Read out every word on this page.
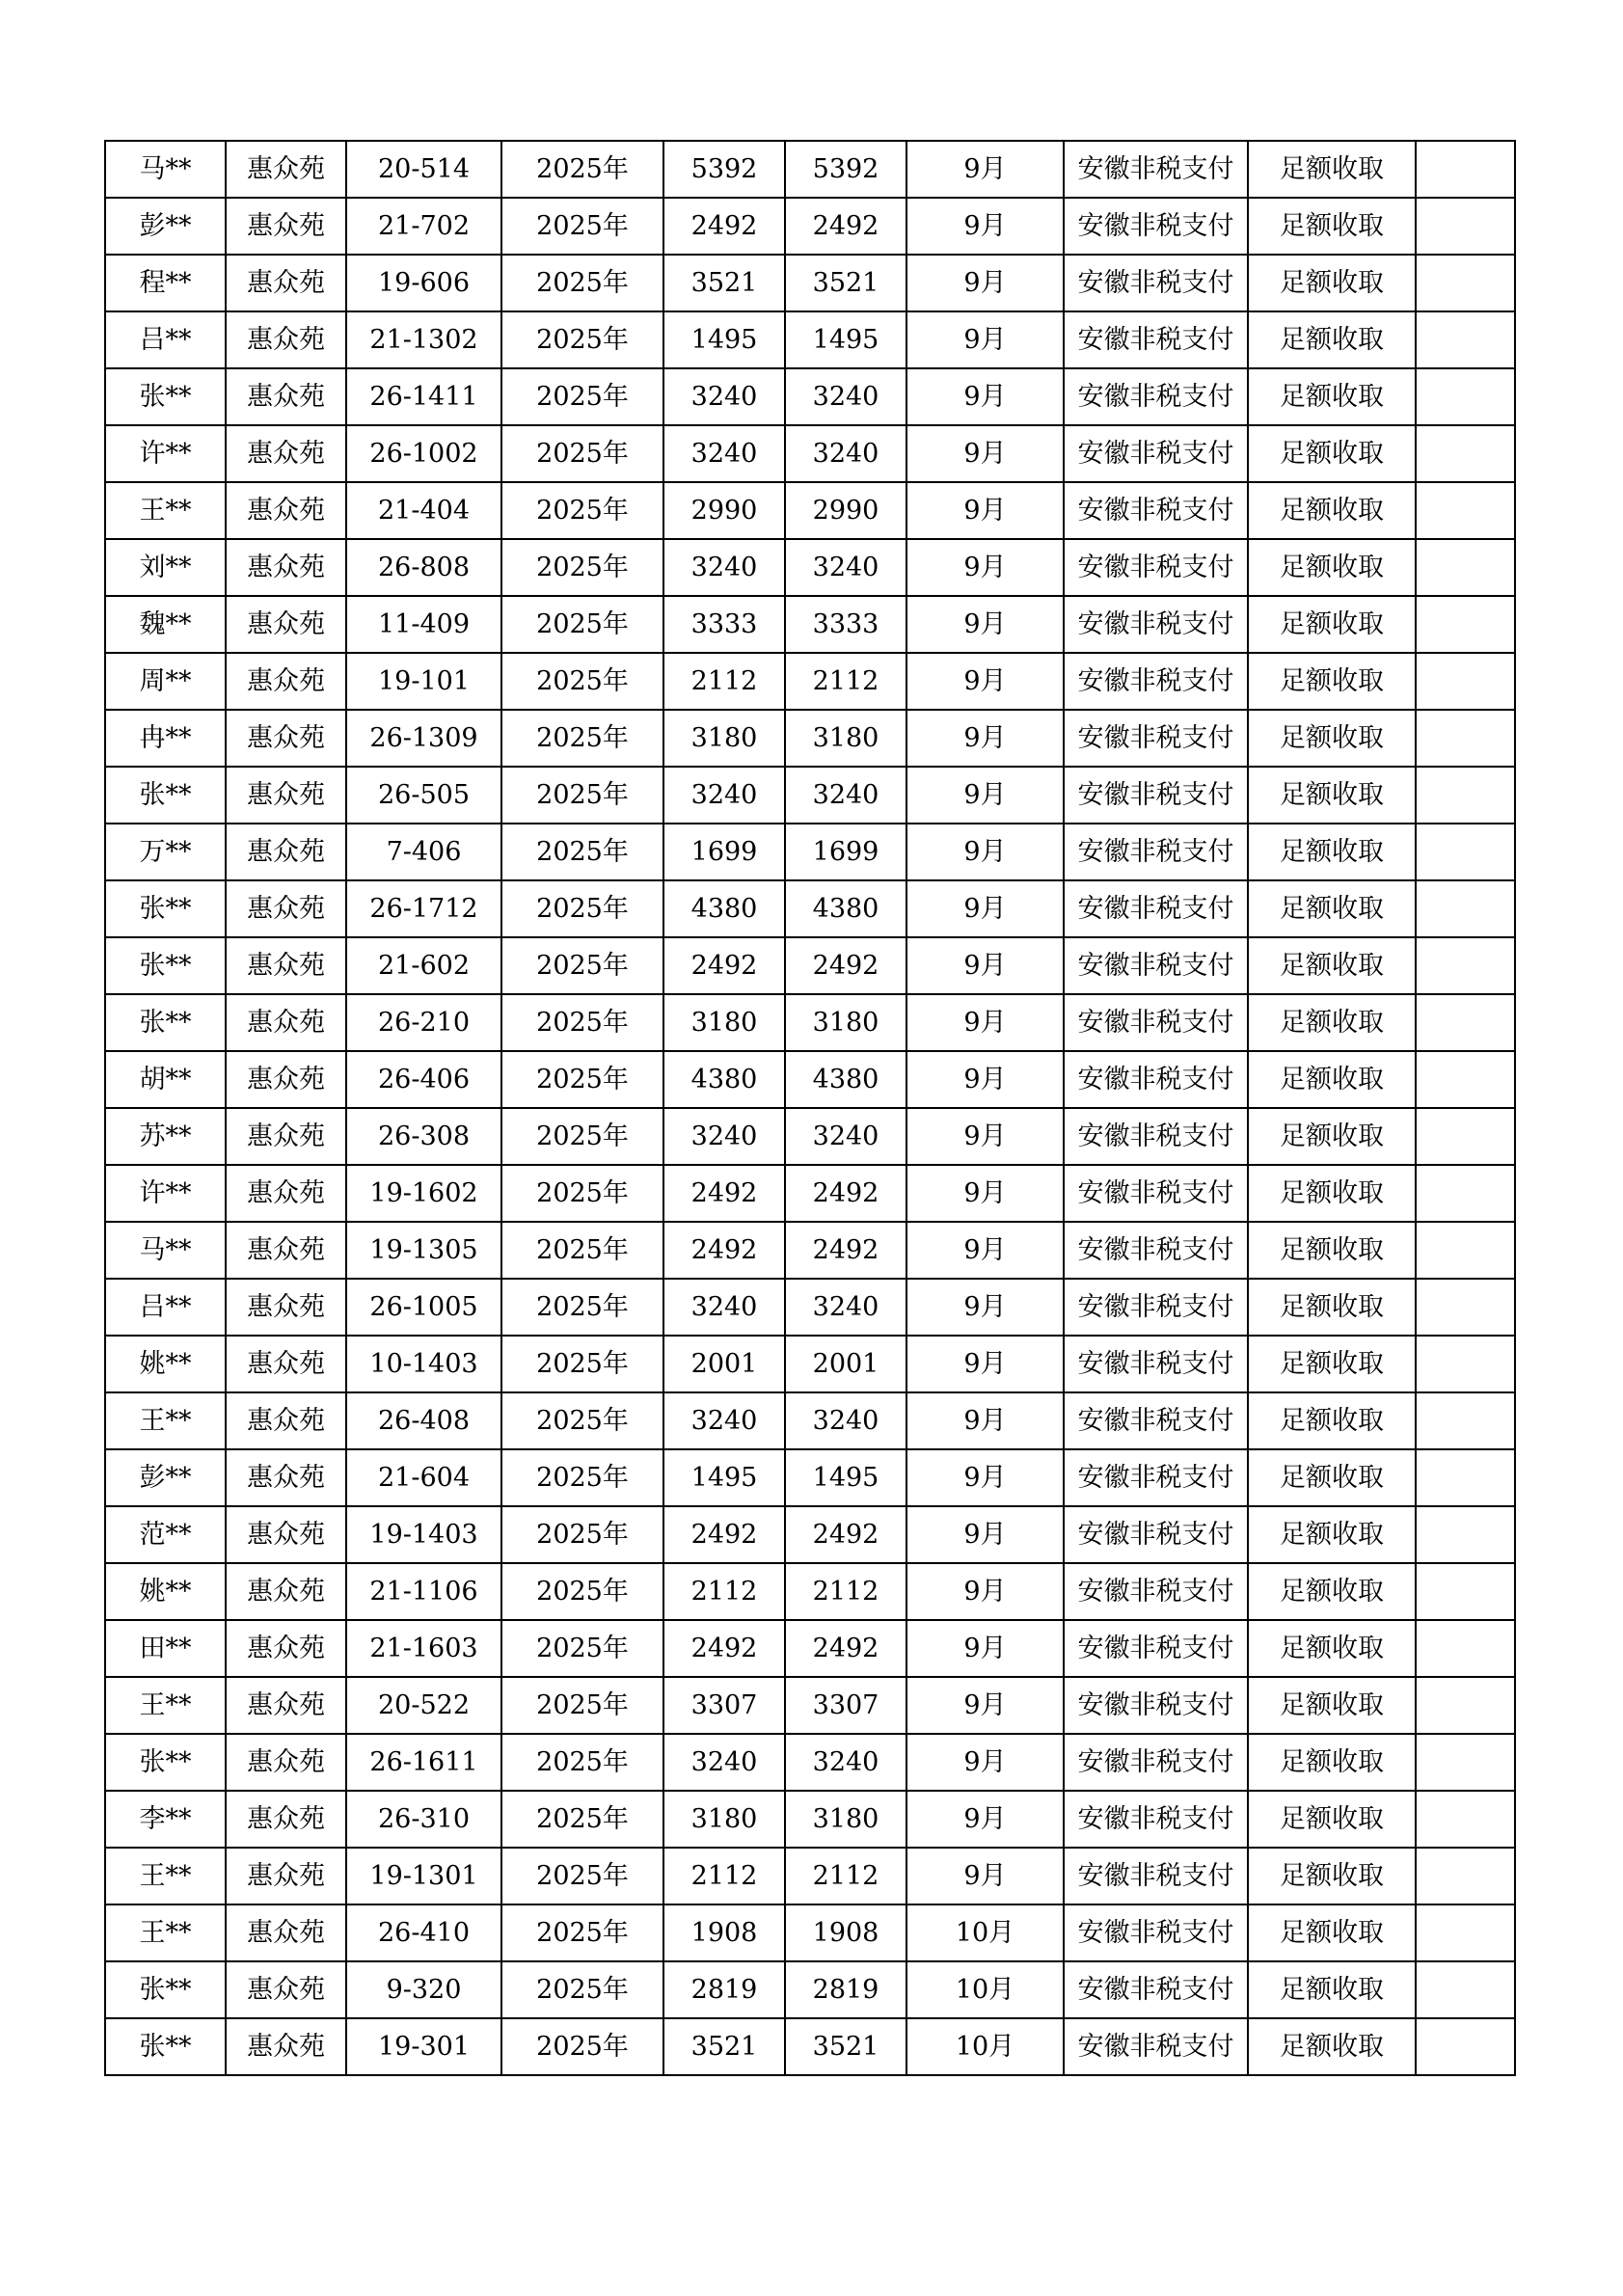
马**	惠众苑	20-514	2025年	5392	5392	9月	安徽非税支付	足额收取	
彭**	惠众苑	21-702	2025年	2492	2492	9月	安徽非税支付	足额收取	
程**	惠众苑	19-606	2025年	3521	3521	9月	安徽非税支付	足额收取	
吕**	惠众苑	21-1302	2025年	1495	1495	9月	安徽非税支付	足额收取	
张**	惠众苑	26-1411	2025年	3240	3240	9月	安徽非税支付	足额收取	
许**	惠众苑	26-1002	2025年	3240	3240	9月	安徽非税支付	足额收取	
王**	惠众苑	21-404	2025年	2990	2990	9月	安徽非税支付	足额收取	
刘**	惠众苑	26-808	2025年	3240	3240	9月	安徽非税支付	足额收取	
魏**	惠众苑	11-409	2025年	3333	3333	9月	安徽非税支付	足额收取	
周**	惠众苑	19-101	2025年	2112	2112	9月	安徽非税支付	足额收取	
冉**	惠众苑	26-1309	2025年	3180	3180	9月	安徽非税支付	足额收取	
张**	惠众苑	26-505	2025年	3240	3240	9月	安徽非税支付	足额收取	
万**	惠众苑	7-406	2025年	1699	1699	9月	安徽非税支付	足额收取	
张**	惠众苑	26-1712	2025年	4380	4380	9月	安徽非税支付	足额收取	
张**	惠众苑	21-602	2025年	2492	2492	9月	安徽非税支付	足额收取	
张**	惠众苑	26-210	2025年	3180	3180	9月	安徽非税支付	足额收取	
胡**	惠众苑	26-406	2025年	4380	4380	9月	安徽非税支付	足额收取	
苏**	惠众苑	26-308	2025年	3240	3240	9月	安徽非税支付	足额收取	
许**	惠众苑	19-1602	2025年	2492	2492	9月	安徽非税支付	足额收取	
马**	惠众苑	19-1305	2025年	2492	2492	9月	安徽非税支付	足额收取	
吕**	惠众苑	26-1005	2025年	3240	3240	9月	安徽非税支付	足额收取	
姚**	惠众苑	10-1403	2025年	2001	2001	9月	安徽非税支付	足额收取	
王**	惠众苑	26-408	2025年	3240	3240	9月	安徽非税支付	足额收取	
彭**	惠众苑	21-604	2025年	1495	1495	9月	安徽非税支付	足额收取	
范**	惠众苑	19-1403	2025年	2492	2492	9月	安徽非税支付	足额收取	
姚**	惠众苑	21-1106	2025年	2112	2112	9月	安徽非税支付	足额收取	
田**	惠众苑	21-1603	2025年	2492	2492	9月	安徽非税支付	足额收取	
王**	惠众苑	20-522	2025年	3307	3307	9月	安徽非税支付	足额收取	
张**	惠众苑	26-1611	2025年	3240	3240	9月	安徽非税支付	足额收取	
李**	惠众苑	26-310	2025年	3180	3180	9月	安徽非税支付	足额收取	
王**	惠众苑	19-1301	2025年	2112	2112	9月	安徽非税支付	足额收取	
王**	惠众苑	26-410	2025年	1908	1908	10月	安徽非税支付	足额收取	
张**	惠众苑	9-320	2025年	2819	2819	10月	安徽非税支付	足额收取	
张**	惠众苑	19-301	2025年	3521	3521	10月	安徽非税支付	足额收取	
